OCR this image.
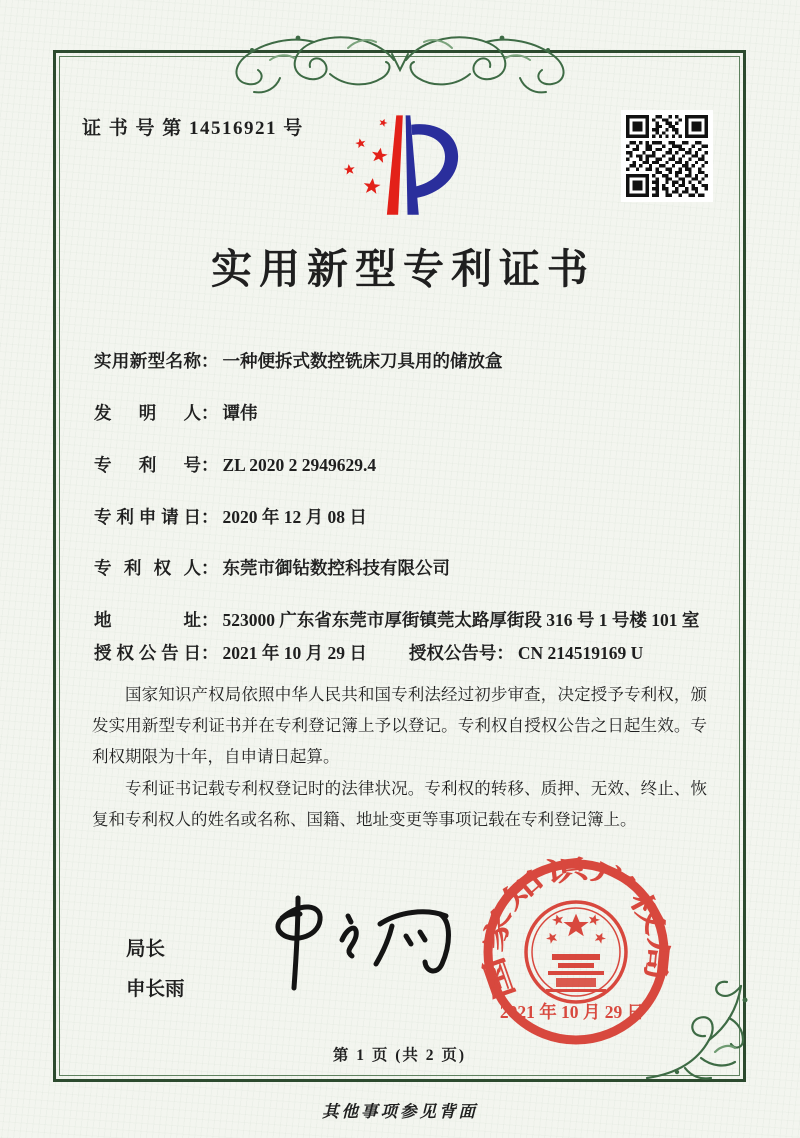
证 书 号 第 14516921 号
实用新型专利证书
实用新型名称 ： 一种便拆式数控铣床刀具用的储放盒
发明人 ： 谭伟
专利号 ： ZL 2020 2 2949629.4
专利申请日 ： 2020 年 12 月 08 日
专利权人 ： 东莞市御钻数控科技有限公司
地址 ： 523000 广东省东莞市厚街镇莞太路厚街段 316 号 1 号楼 101 室
授权公告日 ： 2021 年 10 月 29 日 授权公告号 ： CN 214519169 U

国家知识产权局依照中华人民共和国专利法经过初步审查，决定授予专利权，颁发实用新型专利证书并在专利登记簿上予以登记。专利权自授权公告之日起生效。专利权期限为十年，自申请日起算。

专利证书记载专利权登记时的法律状况。专利权的转移、质押、无效、终止、恢复和专利权人的姓名或名称、国籍、地址变更等事项记载在专利登记簿上。

局长
申长雨	国家知识产权局
2021 年 10 月 29 日
第 1 页 (共 2 页)
其他事项参见背面
